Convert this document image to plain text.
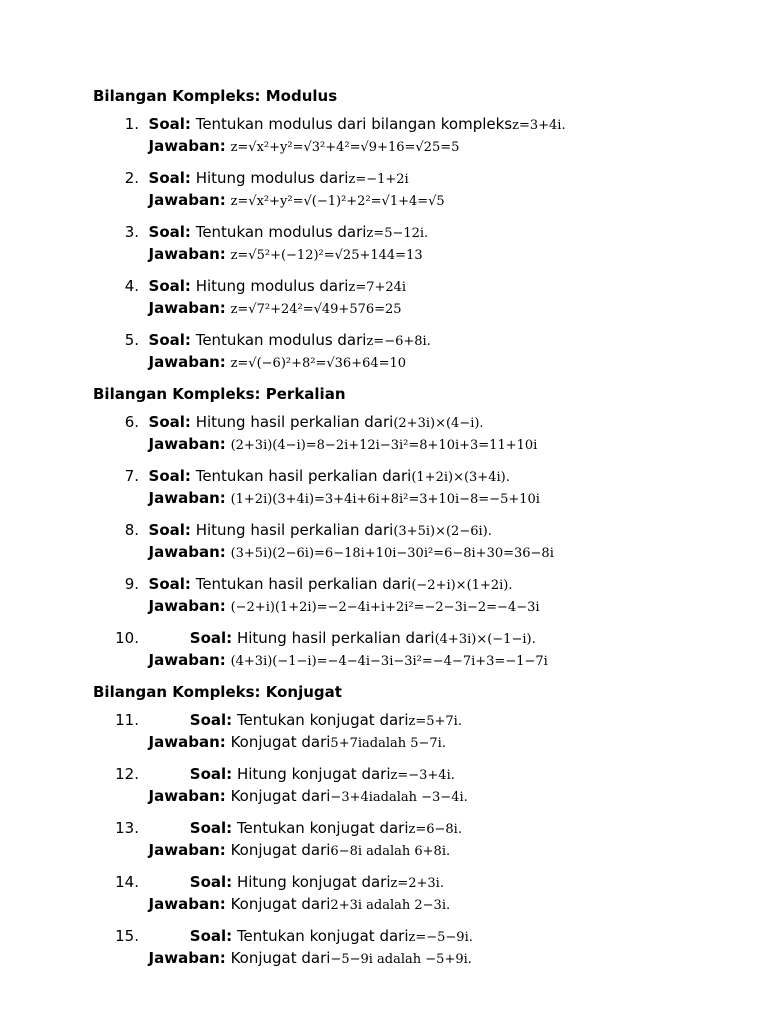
Bilangan Kompleks: Modulus
1.
Soal:
Tentukan modulus dari bilangan kompleks z=3+4i.

Jawaban:
z=√x²+y²=√3²+4²=√9+16=√25=5
2.
Soal:
Hitung modulus dari z=−1+2i

Jawaban:
z=√x²+y²=√(−1)²+2²=√1+4=√5
3.
Soal:
Tentukan modulus dari z=5−12i.

Jawaban:
z=√5²+(−12)²=√25+144=13
4.
Soal:
Hitung modulus dari z=7+24i

Jawaban:
z=√7²+24²=√49+576=25
5.
Soal:
Tentukan modulus dari z=−6+8i.

Jawaban:
z=√(−6)²+8²=√36+64=10
Bilangan Kompleks: Perkalian
6.
Soal:
Hitung hasil perkalian dari (2+3i)×(4−i).

Jawaban:
(2+3i)(4−i)=8−2i+12i−3i²=8+10i+3=11+10i
7.
Soal:
Tentukan hasil perkalian dari (1+2i)×(3+4i).

Jawaban:
(1+2i)(3+4i)=3+4i+6i+8i²=3+10i−8=−5+10i
8.
Soal:
Hitung hasil perkalian dari (3+5i)×(2−6i).

Jawaban:
(3+5i)(2−6i)=6−18i+10i−30i²=6−8i+30=36−8i
9.
Soal:
Tentukan hasil perkalian dari (−2+i)×(1+2i).

Jawaban:
(−2+i)(1+2i)=−2−4i+i+2i²=−2−3i−2=−4−3i
10.
	Soal:
Hitung hasil perkalian dari (4+3i)×(−1−i).

Jawaban:
(4+3i)(−1−i)=−4−4i−3i−3i²=−4−7i+3=−1−7i
Bilangan Kompleks: Konjugat
11.
	Soal:
Tentukan konjugat dari z=5+7i.

Jawaban:
Konjugat dari 5+7iadalah 5−7i.
12.
	Soal:
Hitung konjugat dari z=−3+4i.

Jawaban:
Konjugat dari −3+4iadalah −3−4i.
13.
	Soal:
Tentukan konjugat dari z=6−8i.

Jawaban:
Konjugat dari 6−8i adalah 6+8i.
14.
	Soal:
Hitung konjugat dari z=2+3i.

Jawaban:
Konjugat dari 2+3i adalah 2−3i.
15.
	Soal:
Tentukan konjugat dari z=−5−9i.

Jawaban:
Konjugat dari −5−9i adalah −5+9i.
